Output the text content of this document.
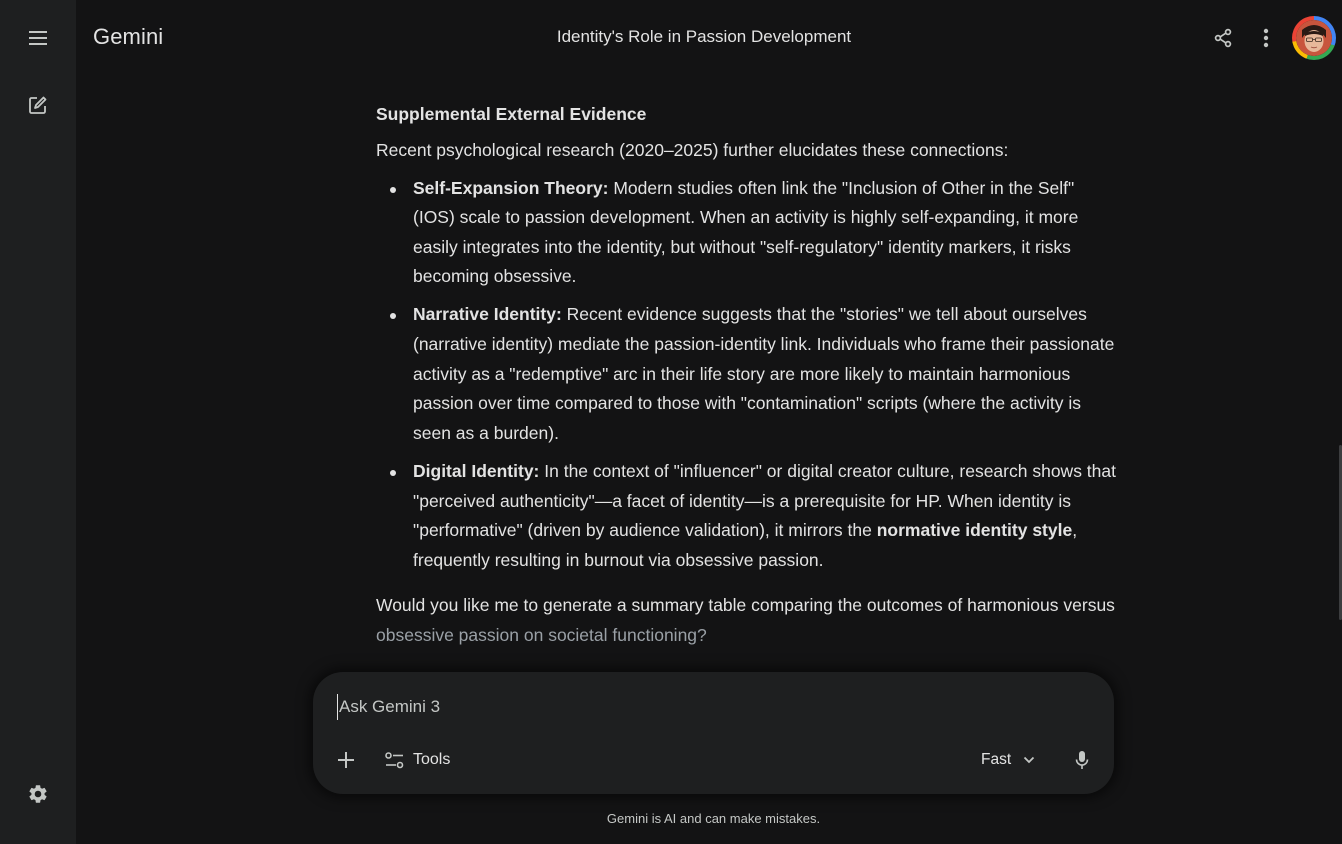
Gemini	Identity's Role in Passion Development
Supplemental External Evidence

Recent psychological research (2020–2025) further elucidates these connections:

Self-Expansion Theory: Modern studies often link the "Inclusion of Other in the Self" (IOS) scale to passion development. When an activity is highly self-expanding, it more easily integrates into the identity, but without "self-regulatory" identity markers, it risks becoming obsessive.
Narrative Identity: Recent evidence suggests that the "stories" we tell about ourselves (narrative identity) mediate the passion-identity link. Individuals who frame their passionate activity as a "redemptive" arc in their life story are more likely to maintain harmonious passion over time compared to those with "contamination" scripts (where the activity is seen as a burden).
Digital Identity: In the context of "influencer" or digital creator culture, research shows that "perceived authenticity"—a facet of identity—is a prerequisite for HP. When identity is "performative" (driven by audience validation), it mirrors the normative identity style, frequently resulting in burnout via obsessive passion.

Would you like me to generate a summary table comparing the outcomes of harmonious versus obsessive passion on societal functioning?

Ask Gemini 3
Tools	Fast
Gemini is AI and can make mistakes.
